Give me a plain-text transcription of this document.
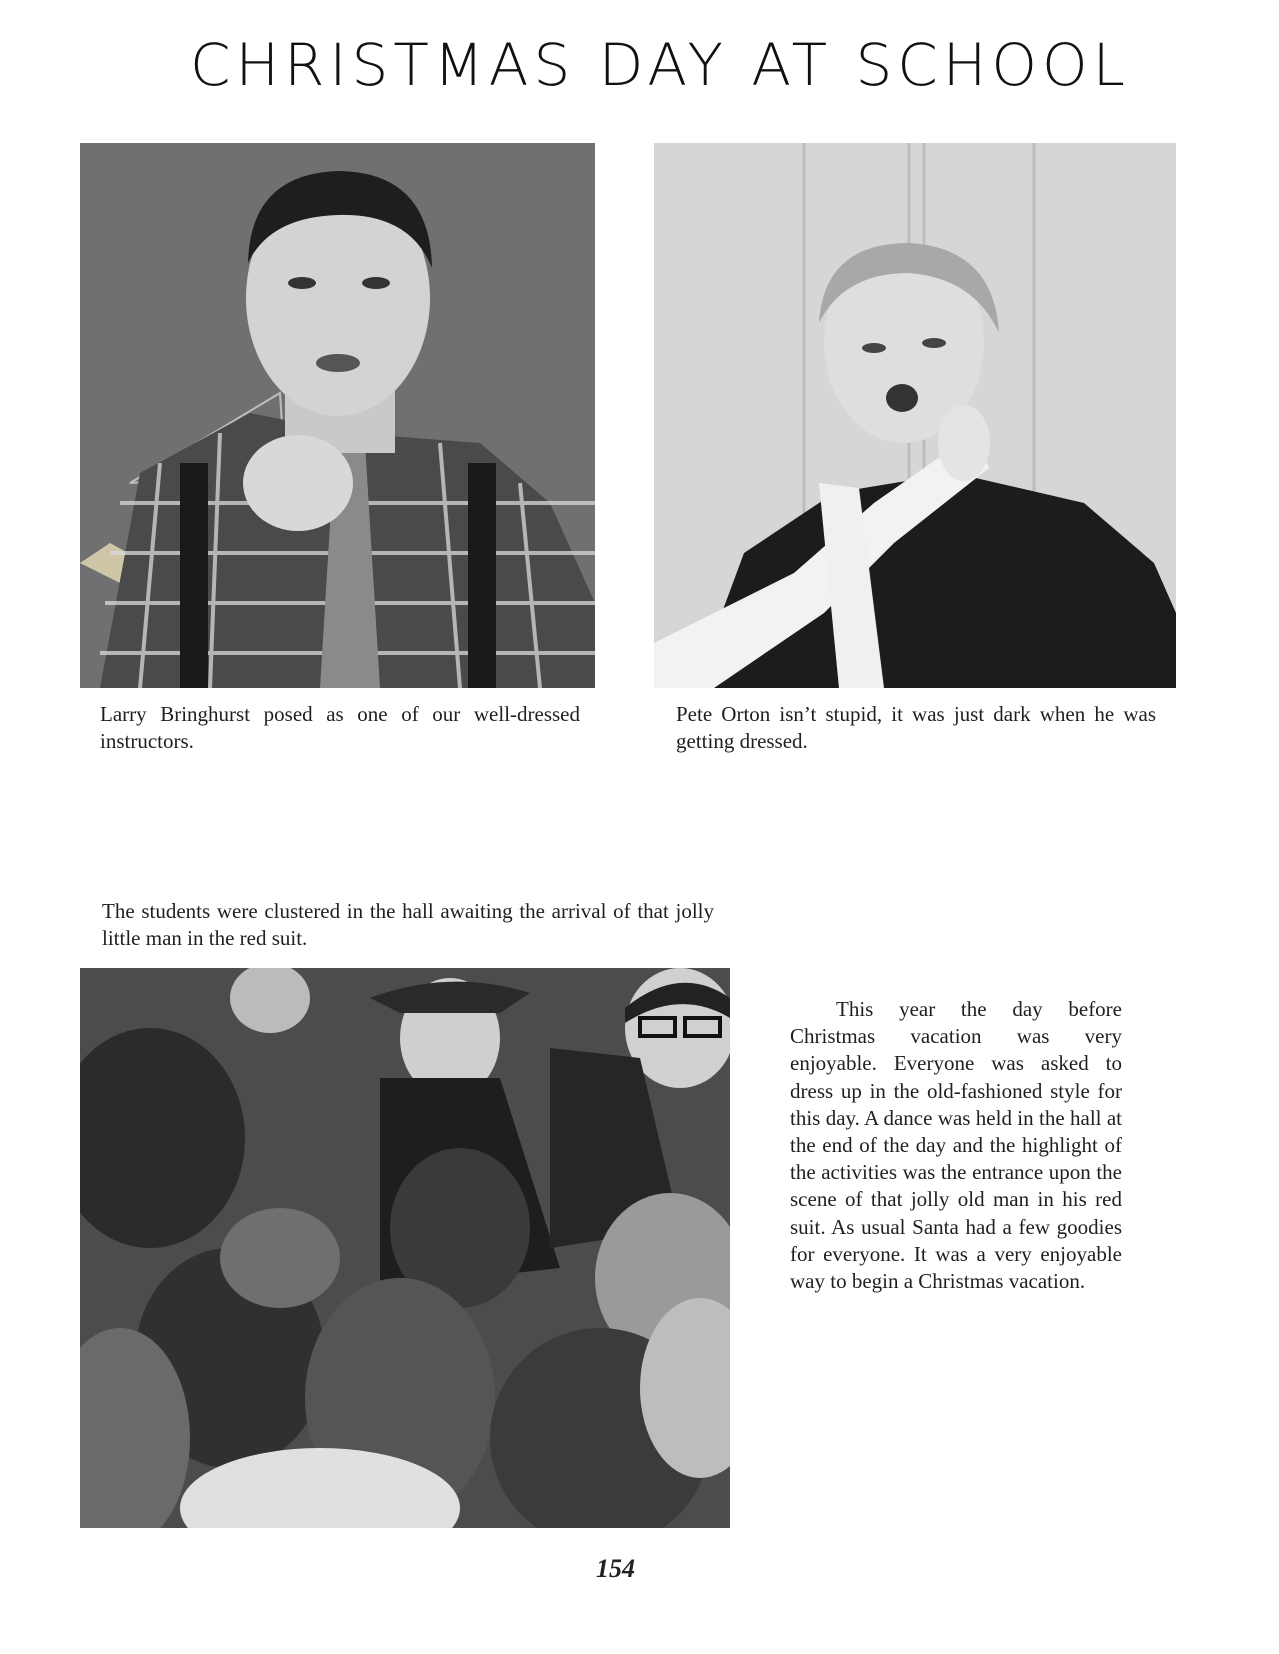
CHRISTMAS DAY AT SCHOOL
Larry Bringhurst posed as one of our well-dressed instructors.
Pete Orton isn’t stupid, it was just dark when he was getting dressed.
The students were clustered in the hall awaiting the arrival of that jolly little man in the red suit.
This year the day before Christmas vacation was very enjoyable. Everyone was asked to dress up in the old-fashioned style for this day. A dance was held in the hall at the end of the day and the highlight of the activities was the entrance upon the scene of that jolly old man in his red suit. As usual Santa had a few goodies for everyone. It was a very enjoyable way to begin a Christmas vacation.
154
